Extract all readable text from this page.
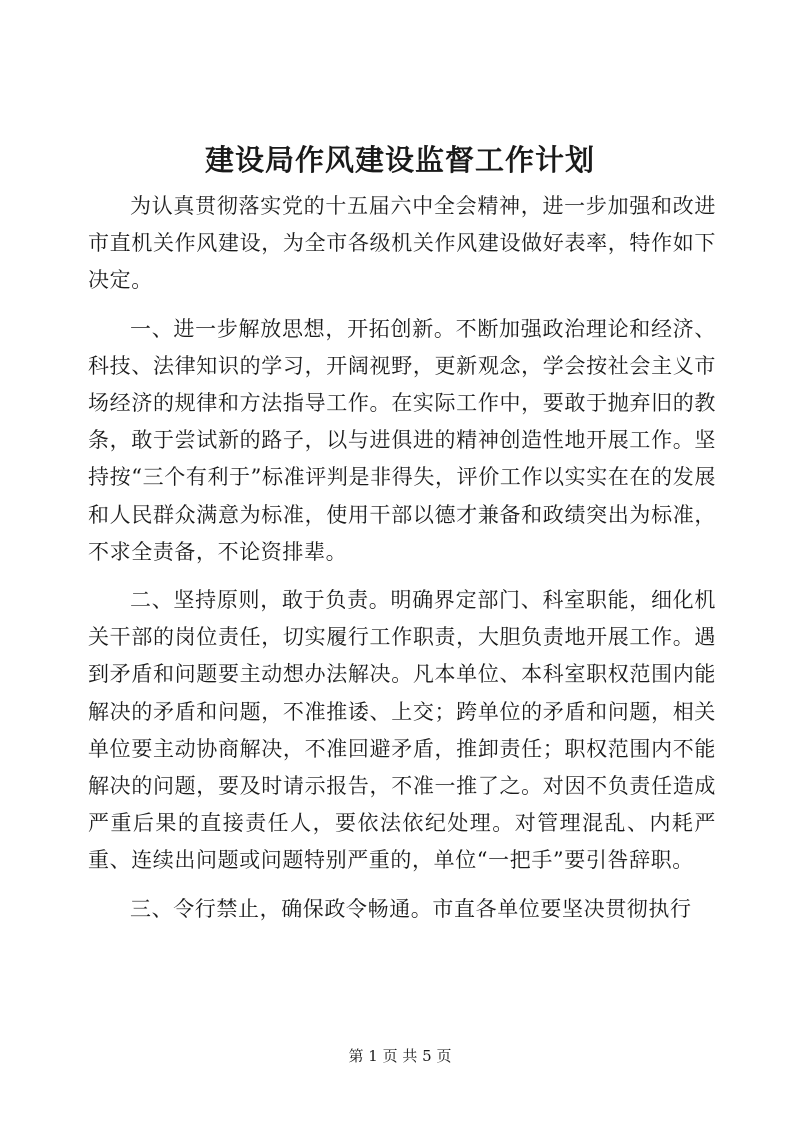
建设局作风建设监督工作计划

为认真贯彻落实党的十五届六中全会精神，进一步加强和改进市直机关作风建设，为全市各级机关作风建设做好表率，特作如下决定。

一、进一步解放思想，开拓创新。不断加强政治理论和经济、科技、法律知识的学习，开阔视野，更新观念，学会按社会主义市场经济的规律和方法指导工作。在实际工作中，要敢于抛弃旧的教条，敢于尝试新的路子，以与进俱进的精神创造性地开展工作。坚持按“三个有利于”标准评判是非得失，评价工作以实实在在的发展和人民群众满意为标准，使用干部以德才兼备和政绩突出为标准，不求全责备，不论资排辈。

二、坚持原则，敢于负责。明确界定部门、科室职能，细化机关干部的岗位责任，切实履行工作职责，大胆负责地开展工作。遇到矛盾和问题要主动想办法解决。凡本单位、本科室职权范围内能解决的矛盾和问题，不准推诿、上交；跨单位的矛盾和问题，相关单位要主动协商解决，不准回避矛盾，推卸责任；职权范围内不能解决的问题，要及时请示报告，不准一推了之。对因不负责任造成严重后果的直接责任人，要依法依纪处理。对管理混乱、内耗严重、连续出问题或问题特别严重的，单位“一把手”要引咎辞职。

三、令行禁止，确保政令畅通。市直各单位要坚决贯彻执行

第 1 页 共 5 页
